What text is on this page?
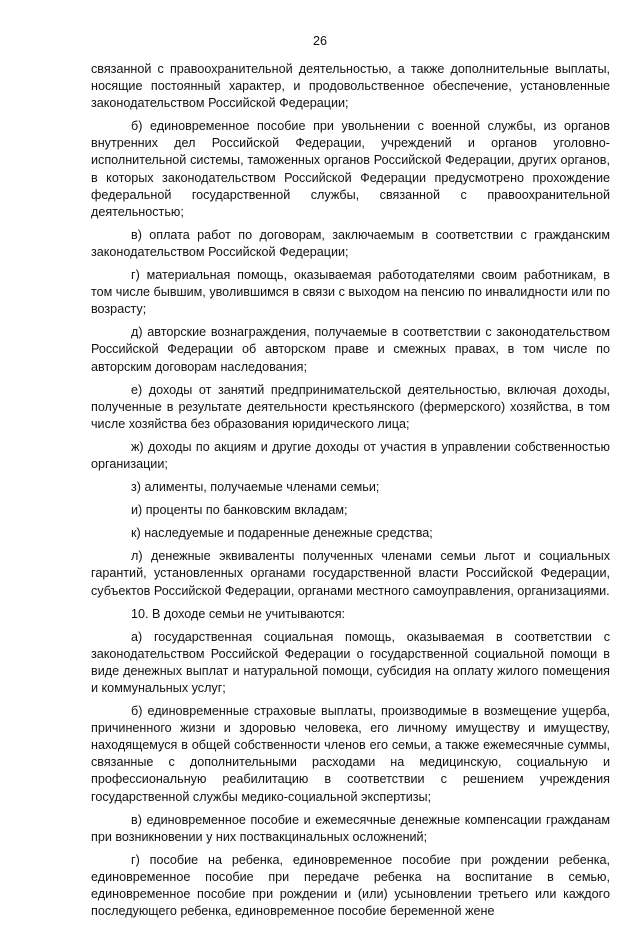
26

связанной с правоохранительной деятельностью, а также дополнительные выплаты, носящие постоянный характер, и продовольственное обеспечение, установленные законодательством Российской Федерации;

б) единовременное пособие при увольнении с военной службы, из органов внутренних дел Российской Федерации, учреждений и органов уголовно-исполнительной системы, таможенных органов Российской Федерации, других органов, в которых законодательством Российской Федерации предусмотрено прохождение федеральной государственной службы, связанной с правоохранительной деятельностью;

в) оплата работ по договорам, заключаемым в соответствии с гражданским законодательством Российской Федерации;

г) материальная помощь, оказываемая работодателями своим работникам, в том числе бывшим, уволившимся в связи с выходом на пенсию по инвалидности или по возрасту;

д) авторские вознаграждения, получаемые в соответствии с законодательством Российской Федерации об авторском праве и смежных правах, в том числе по авторским договорам наследования;

е) доходы от занятий предпринимательской деятельностью, включая доходы, полученные в результате деятельности крестьянского (фермерского) хозяйства, в том числе хозяйства без образования юридического лица;

ж) доходы по акциям и другие доходы от участия в управлении собственностью организации;

з) алименты, получаемые членами семьи;

и) проценты по банковским вкладам;

к) наследуемые и подаренные денежные средства;

л) денежные эквиваленты полученных членами семьи льгот и социальных гарантий, установленных органами государственной власти Российской Федерации, субъектов Российской Федерации, органами местного самоуправления, организациями.

10. В доходе семьи не учитываются:

а) государственная социальная помощь, оказываемая в соответствии с законодательством Российской Федерации о государственной социальной помощи в виде денежных выплат и натуральной помощи, субсидия на оплату жилого помещения и коммунальных услуг;

б) единовременные страховые выплаты, производимые в возмещение ущерба, причиненного жизни и здоровью человека, его личному имуществу и имуществу, находящемуся в общей собственности членов его семьи, а также ежемесячные суммы, связанные с дополнительными расходами на медицинскую, социальную и профессиональную реабилитацию в соответствии с решением учреждения государственной службы медико-социальной экспертизы;

в) единовременное пособие и ежемесячные денежные компенсации гражданам при возникновении у них поствакцинальных осложнений;

г) пособие на ребенка, единовременное пособие при рождении ребенка, единовременное пособие при передаче ребенка на воспитание в семью, единовременное пособие при рождении и (или) усыновлении третьего или каждого последующего ребенка, единовременное пособие беременной жене
